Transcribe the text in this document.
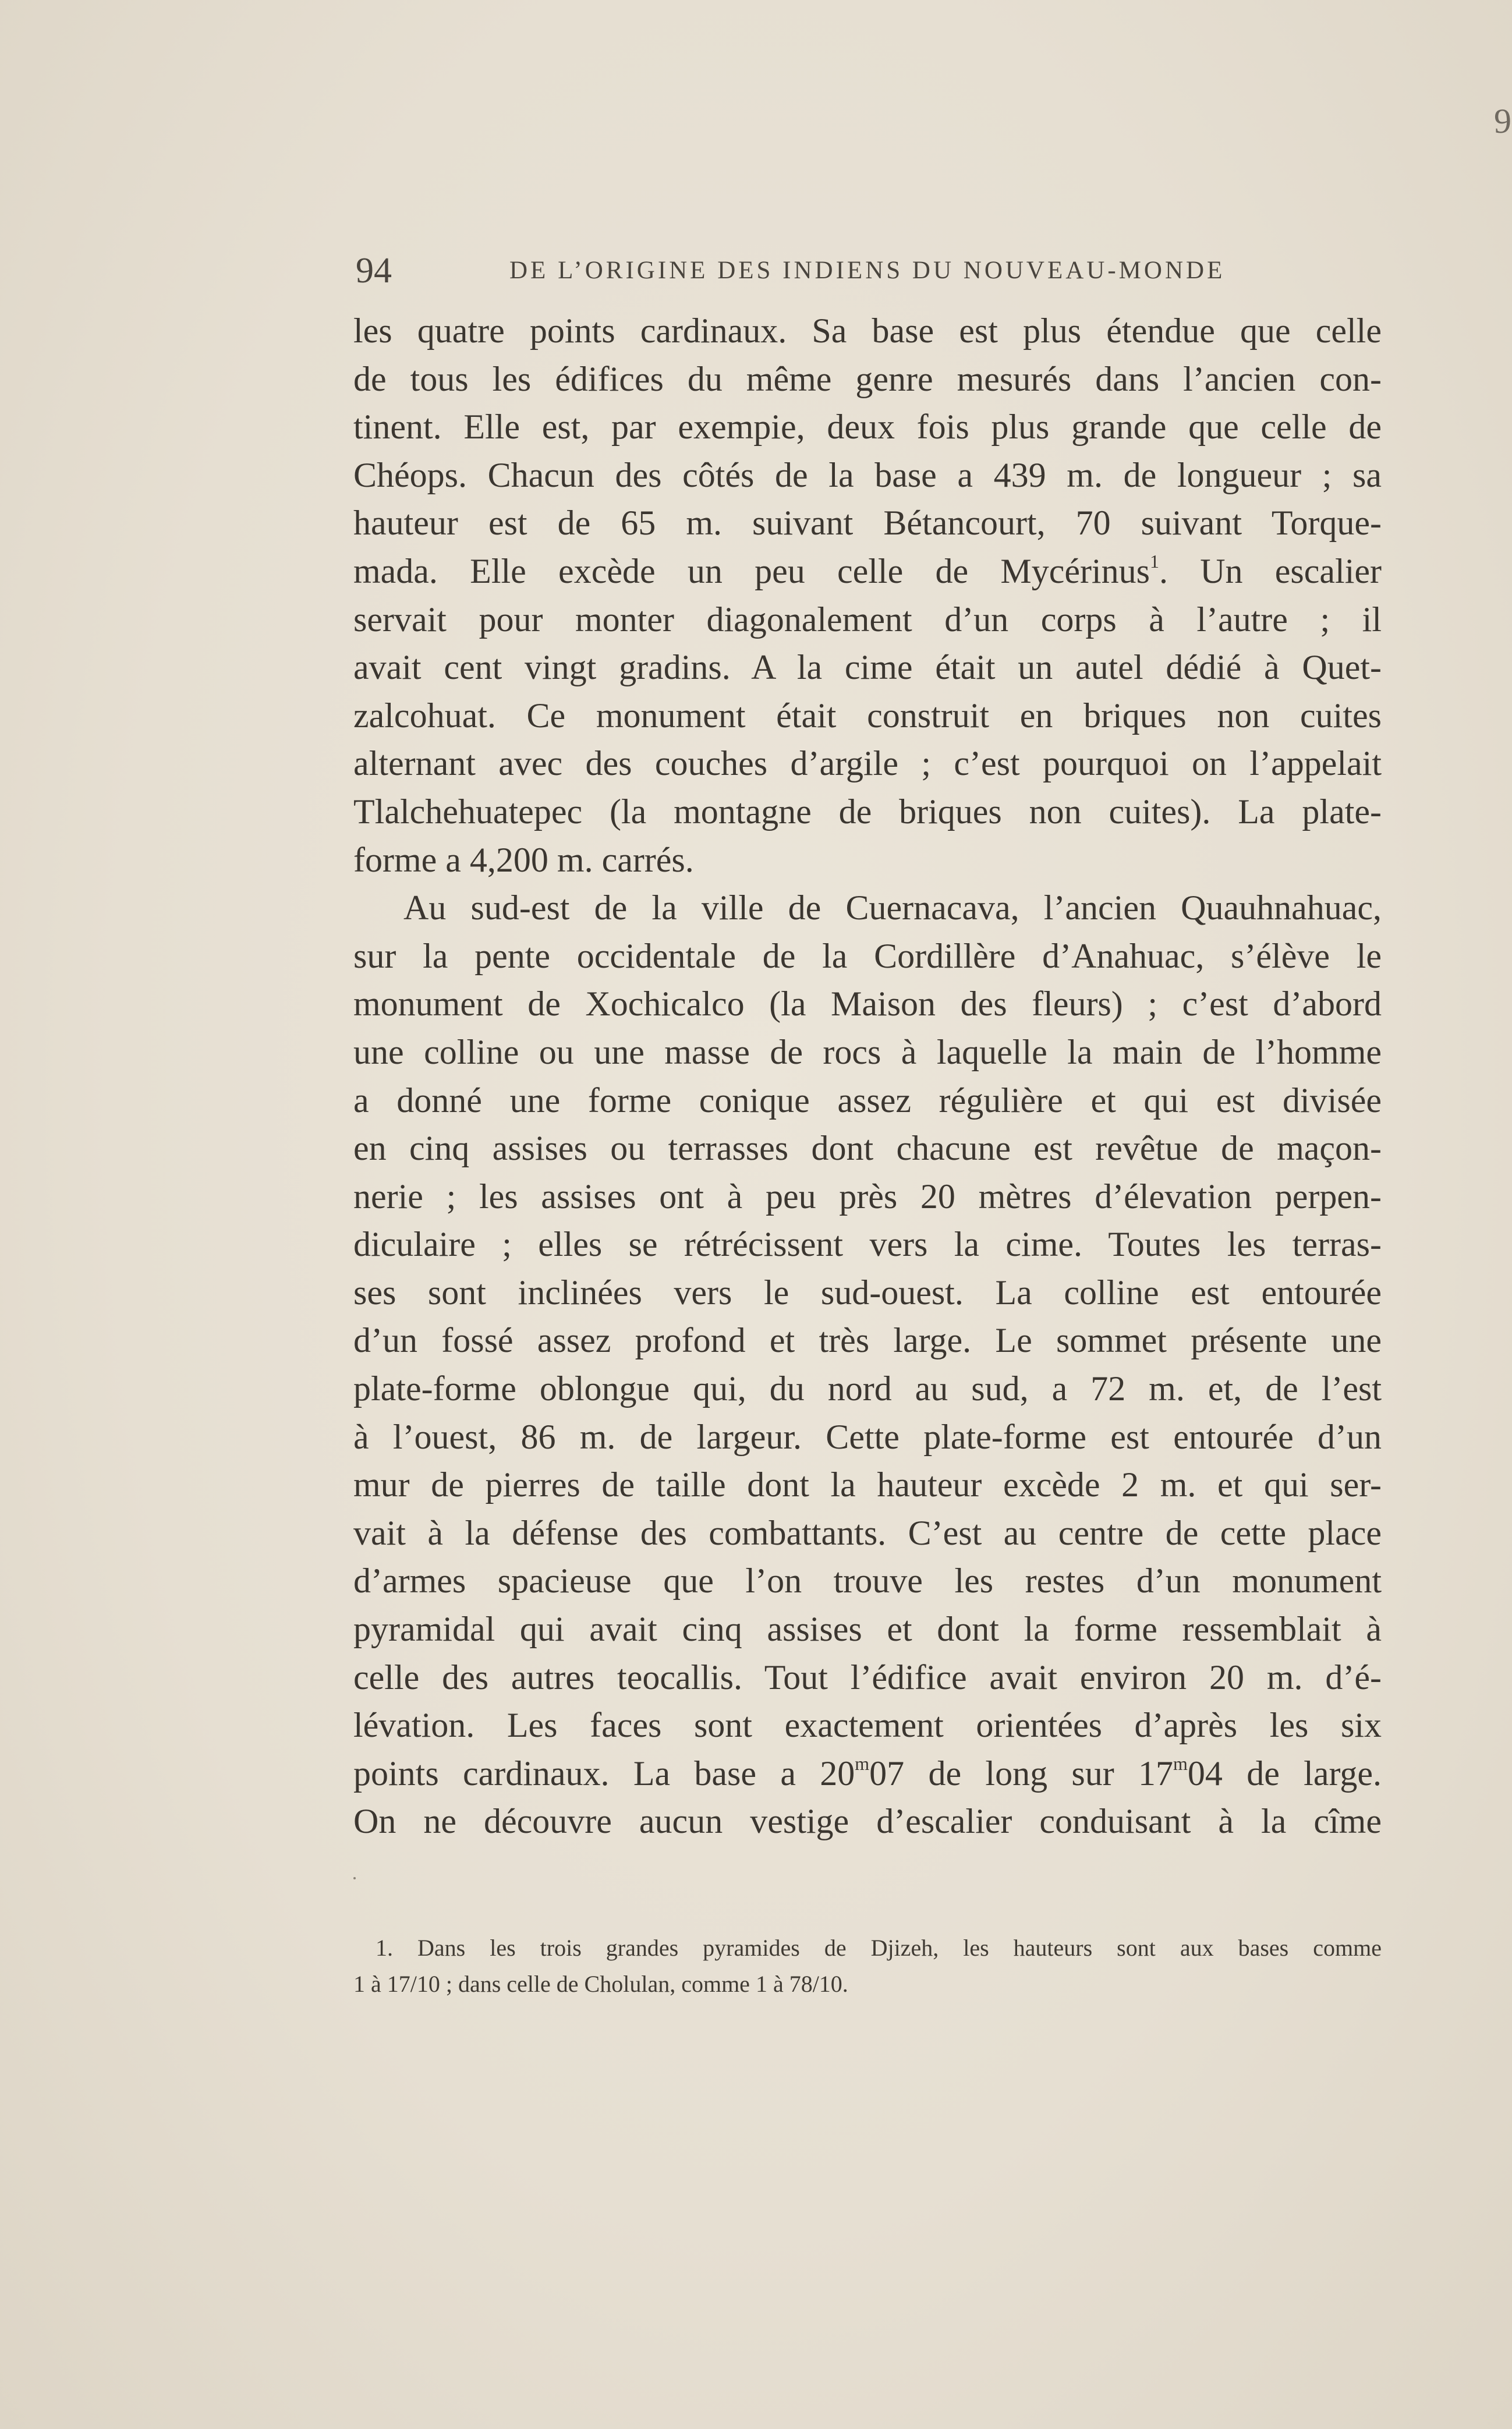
9
94	DE L’ORIGINE DES INDIENS DU NOUVEAU-MONDE
les quatre points cardinaux. Sa base est plus étendue que celle
de tous les édifices du même genre mesurés dans l’ancien con-
tinent. Elle est, par exempie, deux fois plus grande que celle de
Chéops. Chacun des côtés de la base a 439 m. de longueur ; sa
hauteur est de 65 m. suivant Bétancourt, 70 suivant Torque-
mada. Elle excède un peu celle de Mycérinus$^1$. Un escalier
servait pour monter diagonalement d’un corps à l’autre ; il
avait cent vingt gradins. A la cime était un autel dédié à Quet-
zalcohuat. Ce monument était construit en briques non cuites
alternant avec des couches d’argile ; c’est pourquoi on l’appelait
Tlalchehuatepec (la montagne de briques non cuites). La plate-
forme a 4,200 m. carrés.
Au sud-est de la ville de Cuernacava, l’ancien Quauhnahuac,
sur la pente occidentale de la Cordillère d’Anahuac, s’élève le
monument de Xochicalco (la Maison des fleurs) ; c’est d’abord
une colline ou une masse de rocs à laquelle la main de l’homme
a donné une forme conique assez régulière et qui est divisée
en cinq assises ou terrasses dont chacune est revêtue de maçon-
nerie ; les assises ont à peu près 20 mètres d’élevation perpen-
diculaire ; elles se rétrécissent vers la cime. Toutes les terras-
ses sont inclinées vers le sud-ouest. La colline est entourée
d’un fossé assez profond et très large. Le sommet présente une
plate-forme oblongue qui, du nord au sud, a 72 m. et, de l’est
à l’ouest, 86 m. de largeur. Cette plate-forme est entourée d’un
mur de pierres de taille dont la hauteur excède 2 m. et qui ser-
vait à la défense des combattants. C’est au centre de cette place
d’armes spacieuse que l’on trouve les restes d’un monument
pyramidal qui avait cinq assises et dont la forme ressemblait à
celle des autres teocallis. Tout l’édifice avait environ 20 m. d’é-
lévation. Les faces sont exactement orientées d’après les six
points cardinaux. La base a 20$^m$07 de long sur 17$^m$04 de large.
On ne découvre aucun vestige d’escalier conduisant à la cîme
1. Dans les trois grandes pyramides de Djizeh, les hauteurs sont aux bases comme
1 à 17/10 ; dans celle de Cholulan, comme 1 à 78/10.
